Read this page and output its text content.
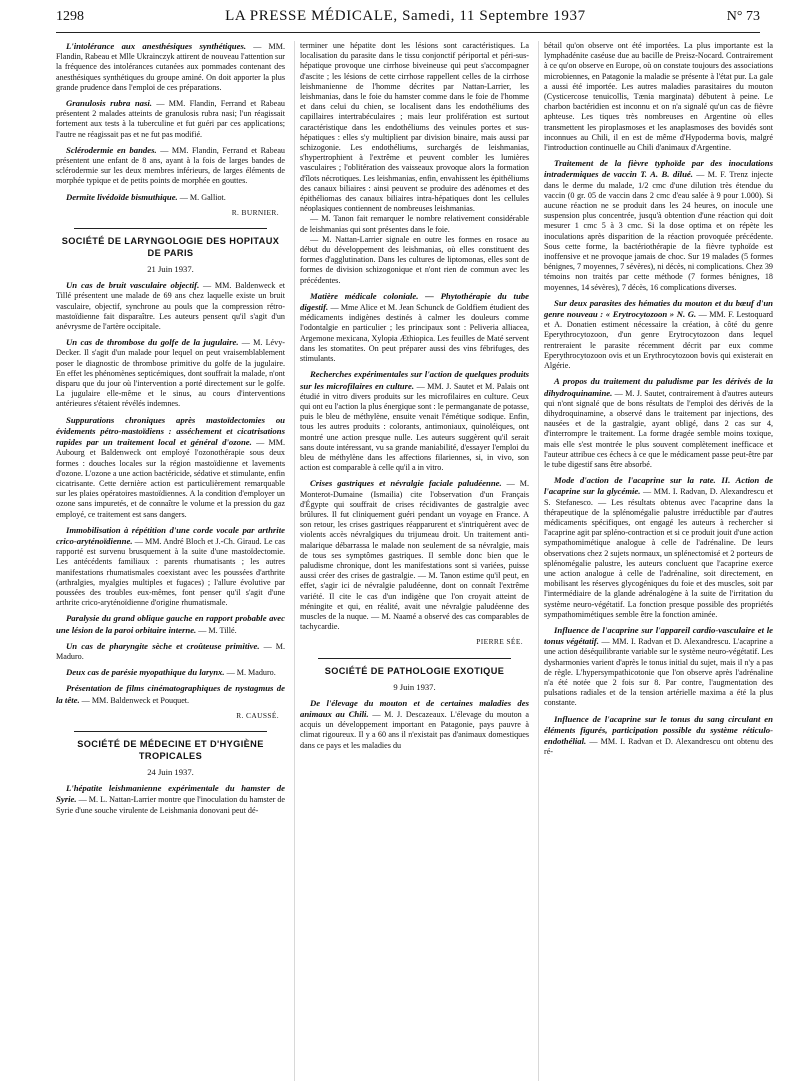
1298	LA PRESSE MÉDICALE, Samedi, 11 Septembre 1937	N° 73

L'intolérance aux anesthésiques synthétiques. — MM. Flandin, Rabeau et Mlle Ukrainczyk attirent de nouveau l'attention sur la fréquence des intolérances cutanées aux pommades contenant des anesthésiques synthétiques du groupe aminé. On doit apporter la plus grande prudence dans l'emploi de ces préparations.

Granulosis rubra nasi. — MM. Flandin, Ferrand et Rabeau présentent 2 malades atteints de granulosis rubra nasi; l'un réagissait fortement aux tests à la tuberculine et fut guéri par ces applications; l'autre ne réagissait pas et ne fut pas modifié.

Sclérodermie en bandes. — MM. Flandin, Ferrand et Rabeau présentent une enfant de 8 ans, ayant à la fois de larges bandes de sclérodermie sur les deux membres inférieurs, de larges éléments de morphée typique et de petits points de morphée en gouttes.

Dermite livédoïde bismuthique. — M. Galliot.

R. BURNIER.
SOCIÉTÉ DE LARYNGOLOGIE DES HOPITAUX DE PARIS
21 Juin 1937.

Un cas de bruit vasculaire objectif. — MM. Baldenweck et Tillé présentent une malade de 69 ans chez laquelle existe un bruit vasculaire, objectif, synchrone au pouls que la compression rétro-mastoïdienne fait disparaître. Les auteurs pensent qu'il s'agit d'un anévrysme de l'artère occipitale.

Un cas de thrombose du golfe de la jugulaire. — M. Lévy-Decker. Il s'agit d'un malade pour lequel on peut vraisemblablement poser le diagnostic de thrombose primitive du golfe de la jugulaire. En effet les phénomènes septicémiques, dont souffrait la malade, n'ont disparu que du jour où l'intervention a porté directement sur le golfe. La jugulaire elle-même et le sinus, au cours d'interventions antérieures s'étaient révélés indemnes.

Suppurations chroniques après mastoïdectomies ou évidements pétro-mastoïdiens : asséchement et cicatrisations rapides par un traitement local et général d'ozone. — MM. Aubourg et Baldenweck ont employé l'ozonothérapie sous deux formes : douches locales sur la région mastoïdienne et lavements d'ozone. L'ozone a une action bactéricide, sédative et stimulante, enfin cicatrisante. Cette dernière action est particulièrement remarquable sur les plaies opératoires mastoïdiennes. A la condition d'employer un ozone sans impuretés, et de connaître le volume et la pression du gaz employé, ce traitement est sans dangers.

Immobilisation à répétition d'une corde vocale par arthrite crico-aryténoïdienne. — MM. André Bloch et J.-Ch. Giraud. Le cas rapporté est survenu brusquement à la suite d'une mastoïdectomie. Les antécédents familiaux : parents rhumatisants ; les autres manifestations rhumatismales coexistant avec les poussées d'arthrite (arthralgies, myalgies multiples et fugaces) ; l'allure évolutive par poussées des troubles eux-mêmes, font penser qu'il s'agit d'une arthrite crico-aryténoïdienne d'origine rhumatismale.

Paralysie du grand oblique gauche en rapport probable avec une lésion de la paroi orbitaire interne. — M. Tillé.

Un cas de pharyngite sèche et croûteuse primitive. — M. Maduro.

Deux cas de parésie myopathique du larynx. — M. Maduro.

Présentation de films cinématographiques de nystagmus de la tête. — MM. Baldenweck et Pouquet.

R. CAUSSÉ.
SOCIÉTÉ DE MÉDECINE ET D'HYGIÈNE TROPICALES
24 Juin 1937.

L'hépatite leishmanienne expérimentale du hamster de Syrie. — M. L. Nattan-Larrier montre que l'inoculation du hamster de Syrie d'une souche virulente de Leishmania donovani peut dé-

terminer une hépatite dont les lésions sont caractéristiques. La localisation du parasite dans le tissu conjonctif périportal et péri-sus-hépatique provoque une cirrhose biveineuse qui peut s'accompagner d'ascite ; les lésions de cette cirrhose rappellent celles de la cirrhose leishmanienne de l'homme décrites par Nattan-Larrier, les leishmanias, dans le foie du hamster comme dans le foie de l'homme et dans celui du chien, se localisent dans les endothéliums des capillaires intertrabéculaires ; mais leur prolifération est surtout caractéristique dans les endothéliums des veinules portes et sus-hépatiques : elles s'y multiplient par division binaire, mais aussi par schizogonie. Les endothéliums, surchargés de leishmanias, s'hypertrophient à l'extrême et peuvent combler les lumières vasculaires ; l'oblitération des vaisseaux provoque alors la formation d'îlots nécrotiques. Les leishmanias, enfin, envahissent les épithéliums des canaux biliaires : ainsi peuvent se produire des adénomes et des épithéliomas des canaux biliaires intra-hépatiques dont les cellules néoplasiques contiennent de nombreuses leishmanias.

— M. Tanon fait remarquer le nombre relativement considérable de leishmanias qui sont présentes dans le foie.

— M. Nattan-Larrier signale en outre les formes en rosace au début du développement des leishmanias, où elles constituent des formes d'agglutination. Dans les cultures de liptomonas, elles sont de formes de division schizogonique et n'ont rien de commun avec les précédentes.

Matière médicale coloniale. — Phytothérapie du tube digestif. — Mme Alice et M. Jean Schunck de Goldfiem étudient des médicaments indigènes destinés à calmer les douleurs comme l'odontalgie en particulier ; les principaux sont : Peliveria alliacea, Argemone mexicana, Xylopia Æthiopica. Les feuilles de Maté servent dans les stomatites. On peut préparer aussi des vins fébrifuges, des stimulants.

Recherches expérimentales sur l'action de quelques produits sur les microfilaires en culture. — MM. J. Sautet et M. Palais ont étudié in vitro divers produits sur les microfilaires en culture. Ceux qui ont eu l'action la plus énergique sont : le permanganate de potasse, puis le bleu de méthylène, ensuite venait l'émétique sodique. Enfin, tous les autres produits : colorants, antimoniaux, quinoléiques, ont montré une action presque nulle. Les auteurs suggèrent qu'il serait sans doute intéressant, vu sa grande maniabilité, d'essayer l'emploi du bleu de méthylène dans les affections filariennes, si, in vivo, son action est comparable à celle qu'il a in vitro.

Crises gastriques et névralgie faciale paludéenne. — M. Monterot-Dumaine (Ismailia) cite l'observation d'un Français d'Égypte qui souffrait de crises récidivantes de gastralgie avec brûlures. Il fut cliniquement guéri pendant un voyage en France. A son retour, les crises gastriques réapparurent et s'intriquèrent avec de violents accès névralgiques du trijumeau droit. Un traitement anti-malarique débarrassa le malade non seulement de sa névralgie, mais de tous ses symptômes gastriques. Il semble donc bien que le paludisme chronique, dont les manifestations sont si variées, puisse aussi créer des crises de gastralgie. — M. Tanon estime qu'il peut, en effet, s'agir ici de névralgie paludéenne, dont on connaît l'extrême variété. Il cite le cas d'un indigène que l'on croyait atteint de méningite et qui, en réalité, avait une névralgie paludéenne des muscles de la nuque. — M. Naamé a observé des cas comparables de tachycardie.

PIERRE SÉE.
SOCIÉTÉ DE PATHOLOGIE EXOTIQUE
9 Juin 1937.

De l'élevage du mouton et de certaines maladies des animaux au Chili. — M. J. Descazeaux. L'élevage du mouton a acquis un développement important en Patagonie, pays pauvre à climat rigoureux. Il y a 60 ans il n'existait pas d'animaux domestiques dans ce pays et les maladies du

bétail qu'on observe ont été importées. La plus importante est la lymphadénite caséuse due au bacille de Preisz-Nocard. Contrairement à ce qu'on observe en Europe, où on constate toujours des associations microbiennes, en Patagonie la maladie se présente à l'état pur. La gale a aussi été importée. Les autres maladies parasitaires du mouton (Cysticercose tenuicollis, Tænia marginata) débutent à peine. Le charbon bactéridien est inconnu et on n'a signalé qu'un cas de fièvre aphteuse. Les tiques très nombreuses en Argentine où elles transmettent les piroplasmoses et les anaplasmoses des bovidés sont inconnues au Chili, il en est de même d'Hypoderma bovis, malgré l'introduction continuelle au Chili d'animaux d'Argentine.

Traitement de la fièvre typhoïde par des inoculations intradermiques de vaccin T. A. B. dilué. — M. F. Trenz injecte dans le derme du malade, 1/2 cmc d'une dilution très étendue du vaccin (0 gr. 05 de vaccin dans 2 cmc d'eau salée à 9 pour 1.000). Si aucune réaction ne se produit dans les 24 heures, on inocule une suspension plus concentrée, jusqu'à obtention d'une réaction qui doit mesurer 1 cmc 5 à 3 cmc. Si la dose optima et on répète les inoculations après disparition de la réaction provoquée précédente. Sous cette forme, la bactériothérapie de la fièvre typhoïde est inoffensive et ne provoque jamais de choc. Sur 19 malades (5 formes bénignes, 7 moyennes, 7 sévères), ni décès, ni complications. Chez 39 témoins non traités par cette méthode (7 formes bénignes, 18 moyennes, 14 sévères), 7 décès, 16 complications diverses.

Sur deux parasites des hématies du mouton et du bœuf d'un genre nouveau : « Erytrocytozoon » N. G. — MM. F. Lestoquard et A. Donatien estiment nécessaire la création, à côté du genre Eperythrocytozoon, d'un genre Erytrocytozoon dans lequel rentreraient le parasite récemment décrit par eux comme Eperythrocytozoon ovis et un Erythrocytozoon bovis qui existerait en Algérie.

A propos du traitement du paludisme par les dérivés de la dihydroquinamine. — M. J. Sautet, contrairement à d'autres auteurs qui n'ont signalé que de bons résultats de l'emploi des dérivés de la dihydroquinamine, a observé dans le traitement par injections, des nausées et de la gastralgie, ayant obligé, dans 2 cas sur 4, d'interrompre le traitement. La forme dragée semble moins toxique, mais elle s'est montrée le plus souvent complètement inefficace et l'auteur attribue ces échecs à ce que le médicament passe peut-être par le tube digestif sans être absorbé.

Mode d'action de l'acaprine sur la rate. II. Action de l'acaprine sur la glycémie. — MM. I. Radvan, D. Alexandrescu et S. Stefanesco. — Les résultats obtenus avec l'acaprine dans la thérapeutique de la splénomégalie palustre irréductible par d'autres médicaments spécifiques, ont engagé les auteurs à rechercher si l'acaprine agit par spléno-contraction et si ce produit jouit d'une action sympathomimétique analogue à celle de l'adrénaline. De leurs observations chez 2 sujets normaux, un splénectomisé et 2 porteurs de splénomégalie palustre, les auteurs concluent que l'acaprine exerce une action analogue à celle de l'adrénaline, soit directement, en mobilisant les réserves glycogéniques du foie et des muscles, soit par l'intermédiaire de la glande adrénalogène à la suite de l'irritation du système neuro-végétatif. La fonction presque possible des propriétés sympathomimétiques semble être la fonction aminée.

Influence de l'acaprine sur l'appareil cardio-vasculaire et le tonus végétatif. — MM. I. Radvan et D. Alexandrescu. L'acaprine a une action déséquilibrante variable sur le système neuro-végétatif. Les dysharmonies varient d'après le tonus initial du sujet, mais il n'y a pas de règle. L'hypersympathicotonie que l'on observe après l'adrénaline n'a été notée que 2 fois sur 8. Par contre, l'augmentation des pulsations radiales et de la tension artérielle maxima a été la plus constante.

Influence de l'acaprine sur le tonus du sang circulant en éléments figurés, participation possible du système réticulo-endothélial. — MM. I. Radvan et D. Alexandrescu ont obtenu des ré-
